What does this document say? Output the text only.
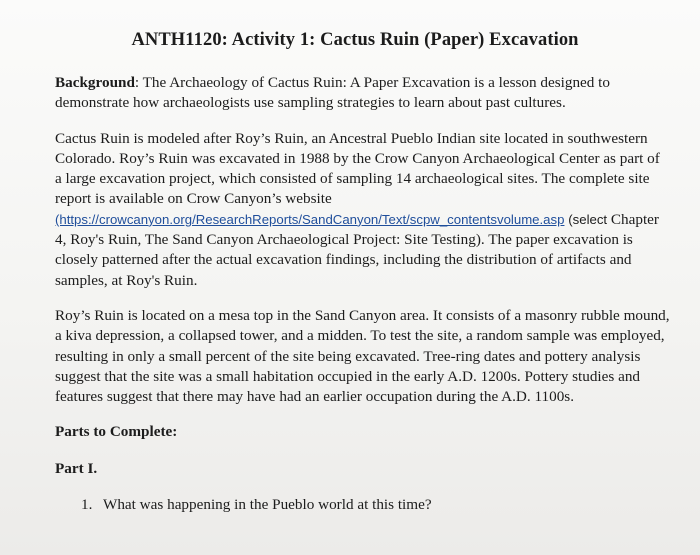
ANTH1120: Activity 1: Cactus Ruin (Paper) Excavation

Background: The Archaeology of Cactus Ruin: A Paper Excavation is a lesson designed to demonstrate how archaeologists use sampling strategies to learn about past cultures.

Cactus Ruin is modeled after Roy’s Ruin, an Ancestral Pueblo Indian site located in southwestern Colorado. Roy’s Ruin was excavated in 1988 by the Crow Canyon Archaeological Center as part of a large excavation project, which consisted of sampling 14 archaeological sites. The complete site report is available on Crow Canyon’s website (https://crowcanyon.org/ResearchReports/SandCanyon/Text/scpw_contentsvolume.asp (select Chapter 4, Roy's Ruin, The Sand Canyon Archaeological Project: Site Testing). The paper excavation is closely patterned after the actual excavation findings, including the distribution of artifacts and samples, at Roy's Ruin.

Roy’s Ruin is located on a mesa top in the Sand Canyon area. It consists of a masonry rubble mound, a kiva depression, a collapsed tower, and a midden. To test the site, a random sample was employed, resulting in only a small percent of the site being excavated. Tree-ring dates and pottery analysis suggest that the site was a small habitation occupied in the early A.D. 1200s. Pottery studies and features suggest that there may have had an earlier occupation during the A.D. 1100s.

Parts to Complete:

Part I.

1. What was happening in the Pueblo world at this time?
